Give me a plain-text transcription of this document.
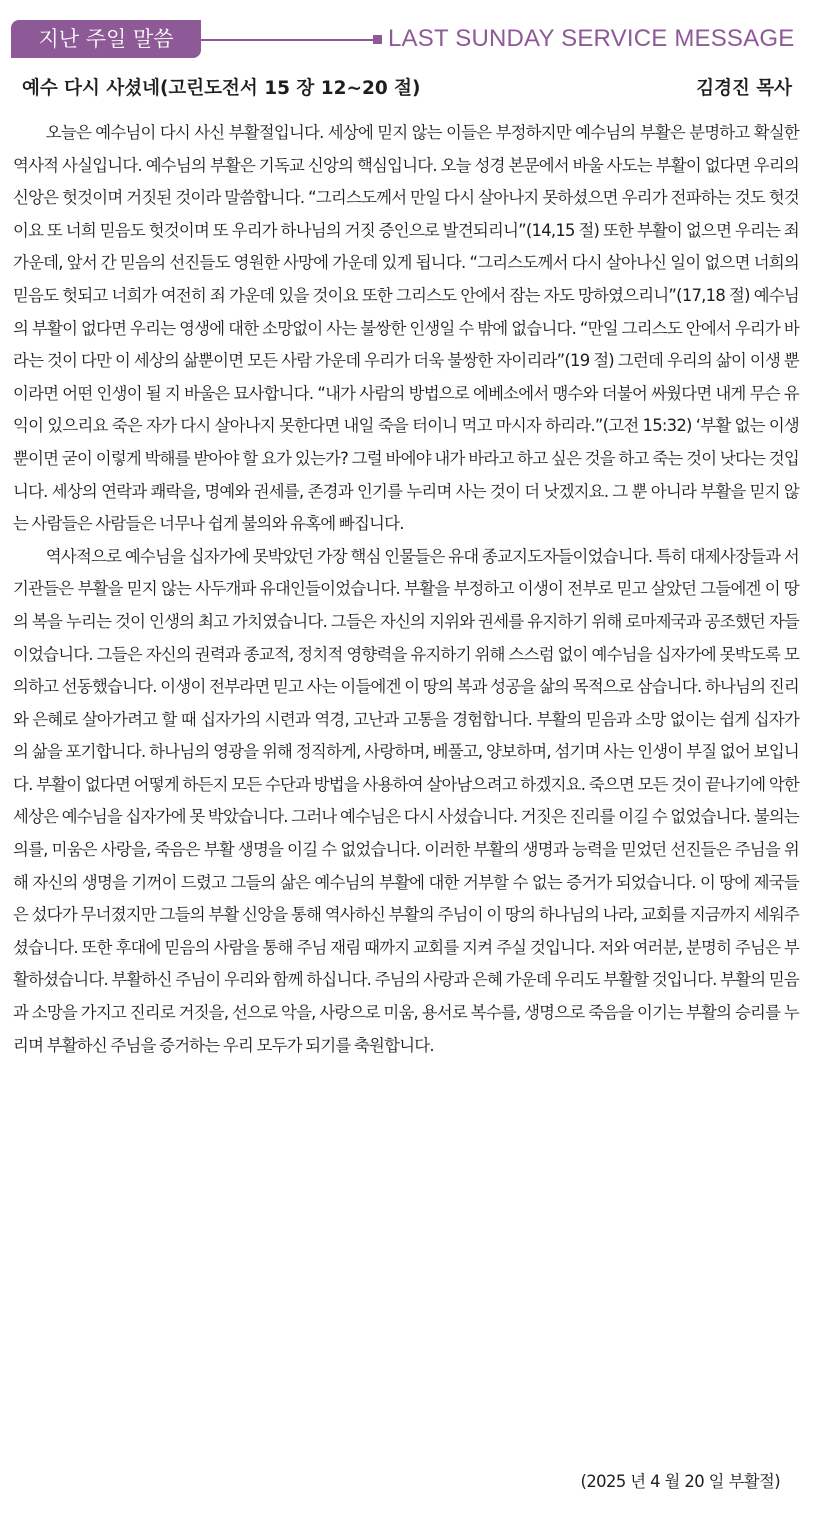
지난 주일 말씀	LAST SUNDAY SERVICE MESSAGE
예수 다시 사셨네(고린도전서 15 장 12~20 절)	김경진 목사

오늘은 예수님이 다시 사신 부활절입니다. 세상에 믿지 않는 이들은 부정하지만 예수님의 부활은 분명하고 확실한 역사적 사실입니다. 예수님의 부활은 기독교 신앙의 핵심입니다. 오늘 성경 본문에서 바울 사도는 부활이 없다면 우리의 신앙은 헛것이며 거짓된 것이라 말씀합니다. “그리스도께서 만일 다시 살아나지 못하셨으면 우리가 전파하는 것도 헛것이요 또 너희 믿음도 헛것이며 또 우리가 하나님의 거짓 증인으로 발견되리니”(14,15 절) 또한 부활이 없으면 우리는 죄 가운데, 앞서 간 믿음의 선진들도 영원한 사망에 가운데 있게 됩니다. “그리스도께서 다시 살아나신 일이 없으면 너희의 믿음도 헛되고 너희가 여전히 죄 가운데 있을 것이요 또한 그리스도 안에서 잠는 자도 망하였으리니”(17,18 절) 예수님의 부활이 없다면 우리는 영생에 대한 소망없이 사는 불쌍한 인생일 수 밖에 없습니다. “만일 그리스도 안에서 우리가 바라는 것이 다만 이 세상의 삶뿐이면 모든 사람 가운데 우리가 더욱 불쌍한 자이리라”(19 절) 그런데 우리의 삶이 이생 뿐이라면 어떤 인생이 될 지 바울은 묘사합니다. “내가 사람의 방법으로 에베소에서 맹수와 더불어 싸웠다면 내게 무슨 유익이 있으리요 죽은 자가 다시 살아나지 못한다면 내일 죽을 터이니 먹고 마시자 하리라.”(고전 15:32) ‘부활 없는 이생 뿐이면 굳이 이렇게 박해를 받아야 할 요가 있는가? 그럴 바에야 내가 바라고 하고 싶은 것을 하고 죽는 것이 낫다는 것입니다. 세상의 연락과 쾌락을, 명예와 권세를, 존경과 인기를 누리며 사는 것이 더 낫겠지요. 그 뿐 아니라 부활을 믿지 않는 사람들은 사람들은 너무나 쉽게 불의와 유혹에 빠집니다.

역사적으로 예수님을 십자가에 못박았던 가장 핵심 인물들은 유대 종교지도자들이었습니다. 특히 대제사장들과 서기관들은 부활을 믿지 않는 사두개파 유대인들이었습니다. 부활을 부정하고 이생이 전부로 믿고 살았던 그들에겐 이 땅의 복을 누리는 것이 인생의 최고 가치였습니다. 그들은 자신의 지위와 권세를 유지하기 위해 로마제국과 공조했던 자들이었습니다. 그들은 자신의 권력과 종교적, 정치적 영향력을 유지하기 위해 스스럼 없이 예수님을 십자가에 못박도록 모의하고 선동했습니다. 이생이 전부라면 믿고 사는 이들에겐 이 땅의 복과 성공을 삶의 목적으로 삼습니다. 하나님의 진리와 은혜로 살아가려고 할 때 십자가의 시련과 역경, 고난과 고통을 경험합니다. 부활의 믿음과 소망 없이는 쉽게 십자가의 삶을 포기합니다. 하나님의 영광을 위해 정직하게, 사랑하며, 베풀고, 양보하며, 섬기며 사는 인생이 부질 없어 보입니다. 부활이 없다면 어떻게 하든지 모든 수단과 방법을 사용하여 살아남으려고 하겠지요. 죽으면 모든 것이 끝나기에 악한 세상은 예수님을 십자가에 못 박았습니다. 그러나 예수님은 다시 사셨습니다. 거짓은 진리를 이길 수 없었습니다. 불의는 의를, 미움은 사랑을, 죽음은 부활 생명을 이길 수 없었습니다. 이러한 부활의 생명과 능력을 믿었던 선진들은 주님을 위해 자신의 생명을 기꺼이 드렸고 그들의 삶은 예수님의 부활에 대한 거부할 수 없는 증거가 되었습니다. 이 땅에 제국들은 섰다가 무너졌지만 그들의 부활 신앙을 통해 역사하신 부활의 주님이 이 땅의 하나님의 나라, 교회를 지금까지 세워주셨습니다. 또한 후대에 믿음의 사람을 통해 주님 재림 때까지 교회를 지켜 주실 것입니다. 저와 여러분, 분명히 주님은 부활하셨습니다. 부활하신 주님이 우리와 함께 하십니다. 주님의 사랑과 은혜 가운데 우리도 부활할 것입니다. 부활의 믿음과 소망을 가지고 진리로 거짓을, 선으로 악을, 사랑으로 미움, 용서로 복수를, 생명으로 죽음을 이기는 부활의 승리를 누리며 부활하신 주님을 증거하는 우리 모두가 되기를 축원합니다.

(2025 년 4 월 20 일 부활절)
